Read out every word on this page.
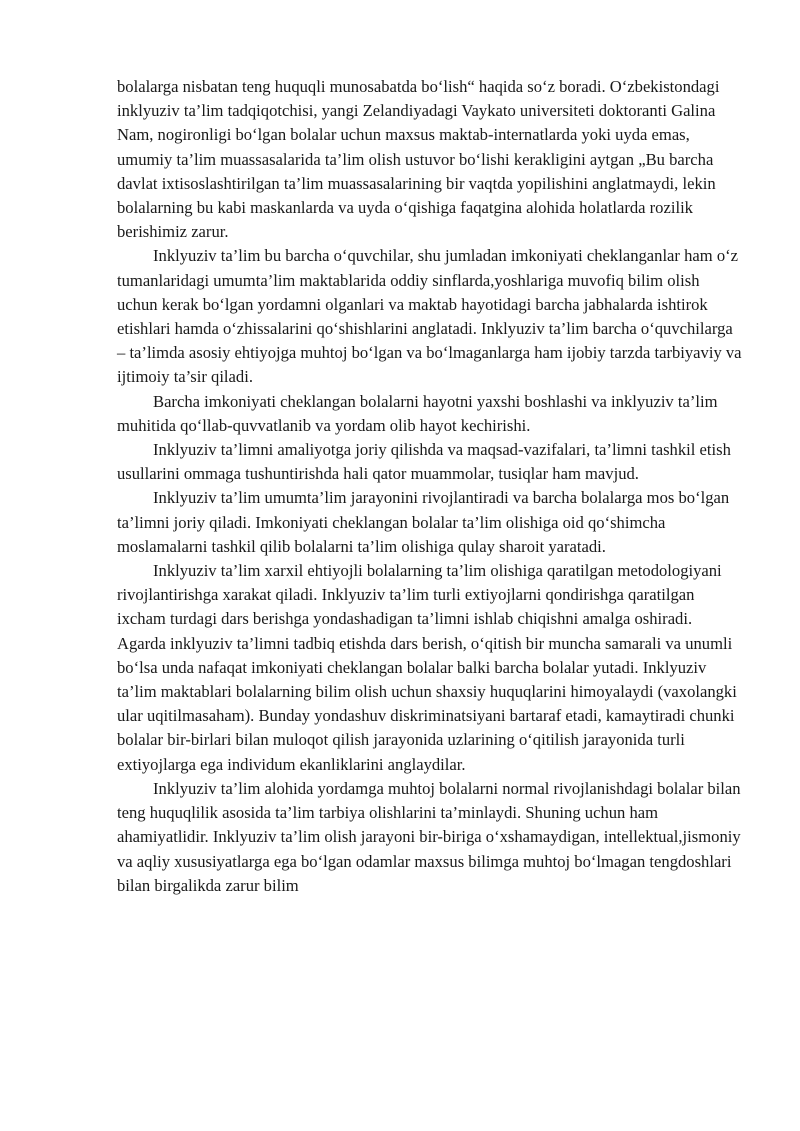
bolalarga nisbatan teng huquqli munosabatda bo‘lish“ haqida so‘z boradi. O‘zbekistondagi inklyuziv ta’lim tadqiqotchisi, yangi Zelandiyadagi Vaykato universiteti doktoranti Galina Nam, nogironligi bo‘lgan bolalar uchun maxsus maktab-internatlarda yoki uyda emas, umumiy ta’lim muassasalarida ta’lim olish ustuvor bo‘lishi kerakligini aytgan „Bu barcha davlat ixtisoslashtirilgan ta’lim muassasalarining bir vaqtda yopilishini anglatmaydi, lekin bolalarning bu kabi maskanlarda va uyda o‘qishiga faqatgina alohida holatlarda rozilik berishimiz zarur.

Inklyuziv ta’lim bu barcha o‘quvchilar, shu jumladan imkoniyati cheklanganlar ham o‘z tumanlaridagi umumta’lim maktablarida oddiy sinflarda,yoshlariga muvofiq bilim olish uchun kerak bo‘lgan yordamni olganlari va maktab hayotidagi barcha jabhalarda ishtirok etishlari hamda o‘zhissalarini qo‘shishlarini anglatadi. Inklyuziv ta’lim barcha o‘quvchilarga – ta’limda asosiy ehtiyojga muhtoj bo‘lgan va bo‘lmaganlarga ham ijobiy tarzda tarbiyaviy va ijtimoiy ta’sir qiladi.

Barcha imkoniyati cheklangan bolalarni hayotni yaxshi boshlashi va inklyuziv ta’lim muhitida qo‘llab-quvvatlanib va yordam olib hayot kechirishi.

Inklyuziv ta’limni amaliyotga joriy qilishda va maqsad-vazifalari, ta’limni tashkil etish usullarini ommaga tushuntirishda hali qator muammolar, tusiqlar ham mavjud.

Inklyuziv ta’lim umumta’lim jarayonini rivojlantiradi va barcha bolalarga mos bo‘lgan ta’limni joriy qiladi. Imkoniyati cheklangan bolalar ta’lim olishiga oid qo‘shimcha moslamalarni tashkil qilib bolalarni ta’lim olishiga qulay sharoit yaratadi.

Inklyuziv ta’lim xarxil ehtiyojli bolalarning ta’lim olishiga qaratilgan metodologiyani rivojlantirishga xarakat qiladi. Inklyuziv ta’lim turli extiyojlarni qondirishga qaratilgan ixcham turdagi dars berishga yondashadigan ta’limni ishlab chiqishni amalga oshiradi. Agarda inklyuziv ta’limni tadbiq etishda dars berish, o‘qitish bir muncha samarali va unumli bo‘lsa unda nafaqat imkoniyati cheklangan bolalar balki barcha bolalar yutadi. Inklyuziv ta’lim maktablari bolalarning bilim olish uchun shaxsiy huquqlarini himoyalaydi (vaxolangki ular uqitilmasaham). Bunday yondashuv diskriminatsiyani bartaraf etadi, kamaytiradi chunki bolalar bir-birlari bilan muloqot qilish jarayonida uzlarining o‘qitilish jarayonida turli extiyojlarga ega individum ekanliklarini anglaydilar.

Inklyuziv ta’lim alohida yordamga muhtoj bolalarni normal rivojlanishdagi bolalar bilan teng huquqlilik asosida ta’lim tarbiya olishlarini ta’minlaydi. Shuning uchun ham ahamiyatlidir. Inklyuziv ta’lim olish jarayoni bir-biriga o‘xshamaydigan, intellektual,jismoniy va aqliy xususiyatlarga ega bo‘lgan odamlar maxsus bilimga muhtoj bo‘lmagan tengdoshlari bilan birgalikda zarur bilim
